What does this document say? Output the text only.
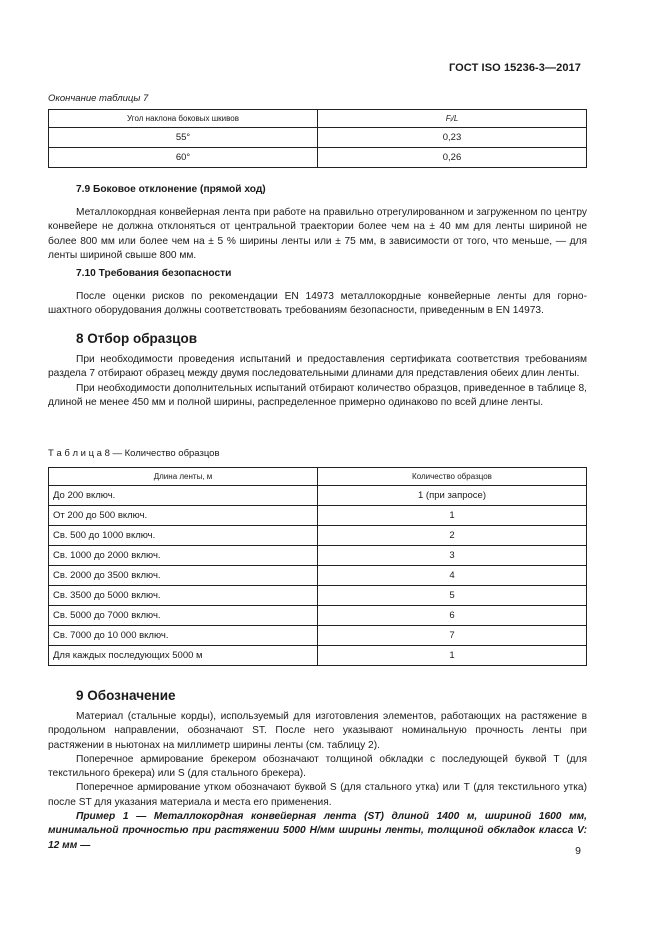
ГОСТ ISO 15236-3—2017
Окончание таблицы 7
Угол наклона боковых шкивов	Fᵢ/L
55°	0,23
60°	0,26
7.9 Боковое отклонение (прямой ход)

Металлокордная конвейерная лента при работе на правильно отрегулированном и загруженном по центру конвейере не должна отклоняться от центральной траектории более чем на ± 40 мм для ленты шириной не более 800 мм или более чем на ± 5 % ширины ленты или ± 75 мм, в зависимости от того, что меньше, — для ленты шириной свыше 800 мм.

7.10 Требования безопасности

После оценки рисков по рекомендации EN 14973 металлокордные конвейерные ленты для горно-шахтного оборудования должны соответствовать требованиям безопасности, приведенным в EN 14973.

8 Отбор образцов

При необходимости проведения испытаний и предоставления сертификата соответствия требованиям раздела 7 отбирают образец между двумя последовательными длинами для представления обеих длин ленты.

При необходимости дополнительных испытаний отбирают количество образцов, приведенное в таблице 8, длиной не менее 450 мм и полной ширины, распределенное примерно одинаково по всей длине ленты.

Т а б л и ц а 8 — Количество образцов
Длина ленты, м	Количество образцов
До 200 включ.	1 (при запросе)
От 200 до 500 включ.	1
Св. 500 до 1000 включ.	2
Св. 1000 до 2000 включ.	3
Св. 2000 до 3500 включ.	4
Св. 3500 до 5000 включ.	5
Св. 5000 до 7000 включ.	6
Св. 7000 до 10 000 включ.	7
Для каждых последующих 5000 м	1
9 Обозначение

Материал (стальные корды), используемый для изготовления элементов, работающих на растяжение в продольном направлении, обозначают ST. После него указывают номинальную прочность ленты при растяжении в ньютонах на миллиметр ширины ленты (см. таблицу 2).

Поперечное армирование брекером обозначают толщиной обкладки с последующей буквой T (для текстильного брекера) или S (для стального брекера).

Поперечное армирование утком обозначают буквой S (для стального утка) или T (для текстильного утка) после ST для указания материала и места его применения.

Пример 1 — Металлокордная конвейерная лента (ST) длиной 1400 м, шириной 1600 мм, минимальной прочностью при растяжении 5000 Н/мм ширины ленты, толщиной обкладок класса V: 12 мм —	9
